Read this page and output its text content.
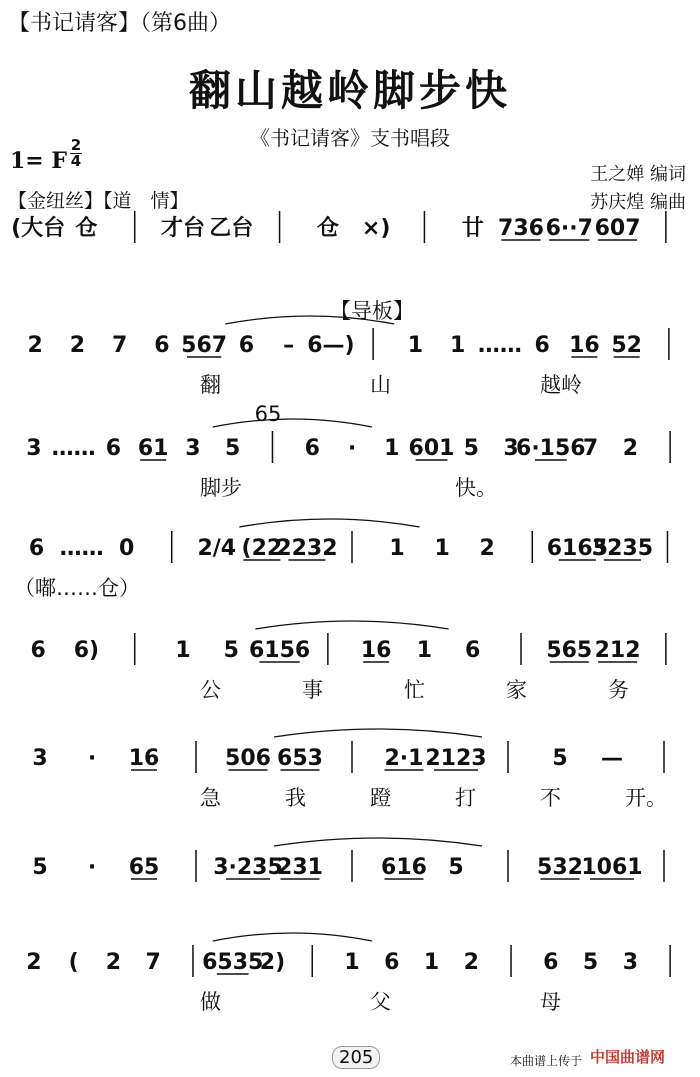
【书记请客】（第6曲）
翻山越岭脚步快
《书记请客》支书唱段
1= F
2
4
【金纽丝】【道　情】
王之婵 编词
苏庆煌 编曲
(大台 仓	才台 乙台	仓 ×)	廿 736 6··7 607
2 2 7 6 567 6 – 6—) 1 1 …… 6 16 52
【导板】
翻	山	越岭
3 …… 6 61 3 5	6 · 1 601 5 3
6·156
7 2
65
脚步	快。
6 …… 0	2/4 (22
2232 1 1 2 6165
3235
（嘟……仓）
6 6)	1 5 6156 16 1 6	565 212
公	事	忙	家	务
3 · 16	506 653	2·1 2123	5 —
急	我	蹬	打	不	开。
5 · 65 3·235
231	616 5	532
1061
2 ( 2 7 6535
2)	1 6 1 2	6 5 3
做	父	母
205	本曲谱上传于 中国曲谱网
